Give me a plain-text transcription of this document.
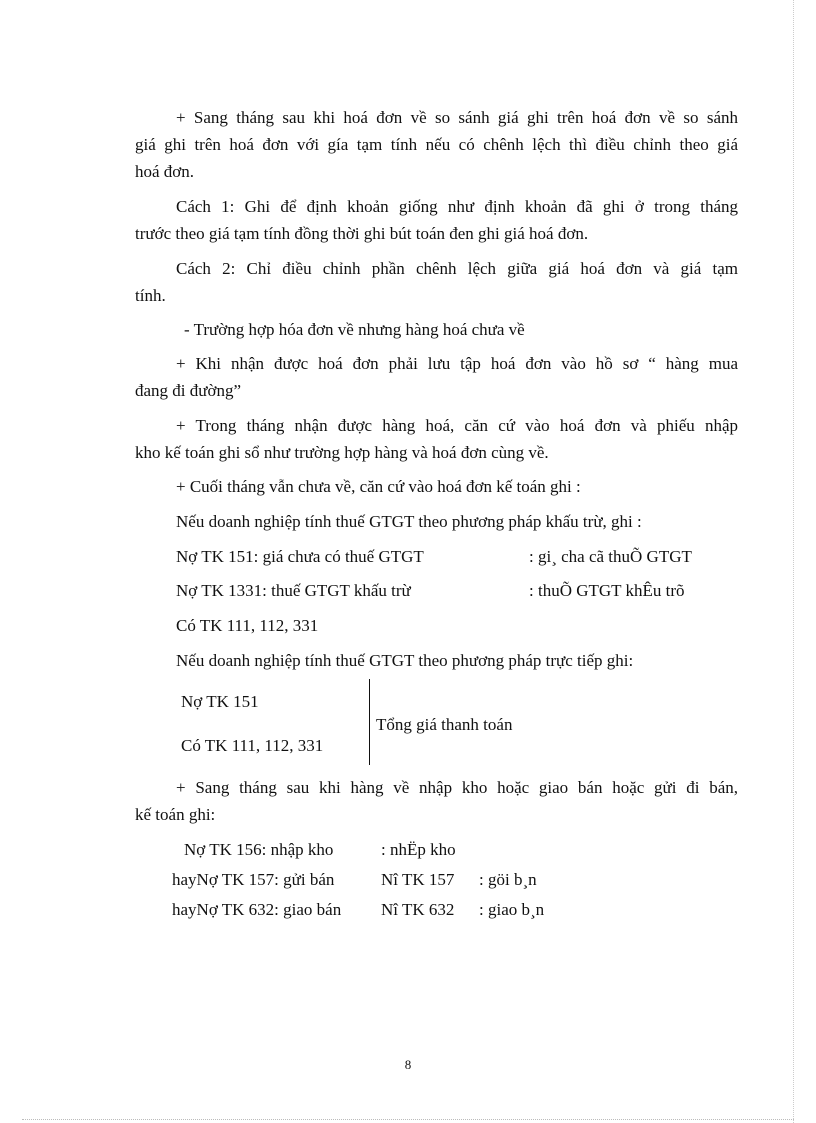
+ Sang tháng sau khi hoá đơn về so sánh giá ghi trên hoá đơn về so sánh
giá ghi trên hoá đơn với gía tạm tính nếu có chênh lệch thì điều chỉnh theo giá
hoá đơn.
Cách 1: Ghi để định khoản giống như định khoản đã ghi ở trong tháng
trước theo giá tạm tính đồng thời ghi bút toán đen ghi giá hoá đơn.
Cách 2: Chỉ điều chỉnh phần chênh lệch giữa giá hoá đơn và giá tạm
tính.
- Trường hợp hóa đơn về nhưng hàng hoá chưa về
+ Khi nhận được hoá đơn phải lưu tập hoá đơn vào hồ sơ “ hàng mua
đang đi đường”
+ Trong tháng nhận được hàng hoá, căn cứ vào hoá đơn và phiếu nhập
kho kế toán ghi sổ như trường hợp hàng và hoá đơn cùng về.
+ Cuối tháng vẫn chưa về, căn cứ vào hoá đơn kế toán ghi :
Nếu doanh nghiệp tính thuế GTGT theo phương pháp khấu trừ, ghi :
Nợ TK 151: giá chưa có thuế GTGT	: gi¸ cha cã thuÕ GTGT
Nợ TK 1331: thuế GTGT khấu trừ	: thuÕ GTGT khÊu trõ
Có TK 111, 112, 331
Nếu doanh nghiệp tính thuế GTGT theo phương pháp trực tiếp ghi:
Nợ TK 151
Có TK 111, 112, 331
Tổng giá thanh toán
+ Sang tháng sau khi hàng về nhập kho hoặc giao bán hoặc gửi đi bán,
kế toán ghi:
Nợ TK 156: nhập kho	: nhËp kho
hayNợ TK 157: gửi bán	Nî TK 157 : göi b¸n
hayNợ TK 632: giao bán Nî TK 632 : giao b¸n
8
